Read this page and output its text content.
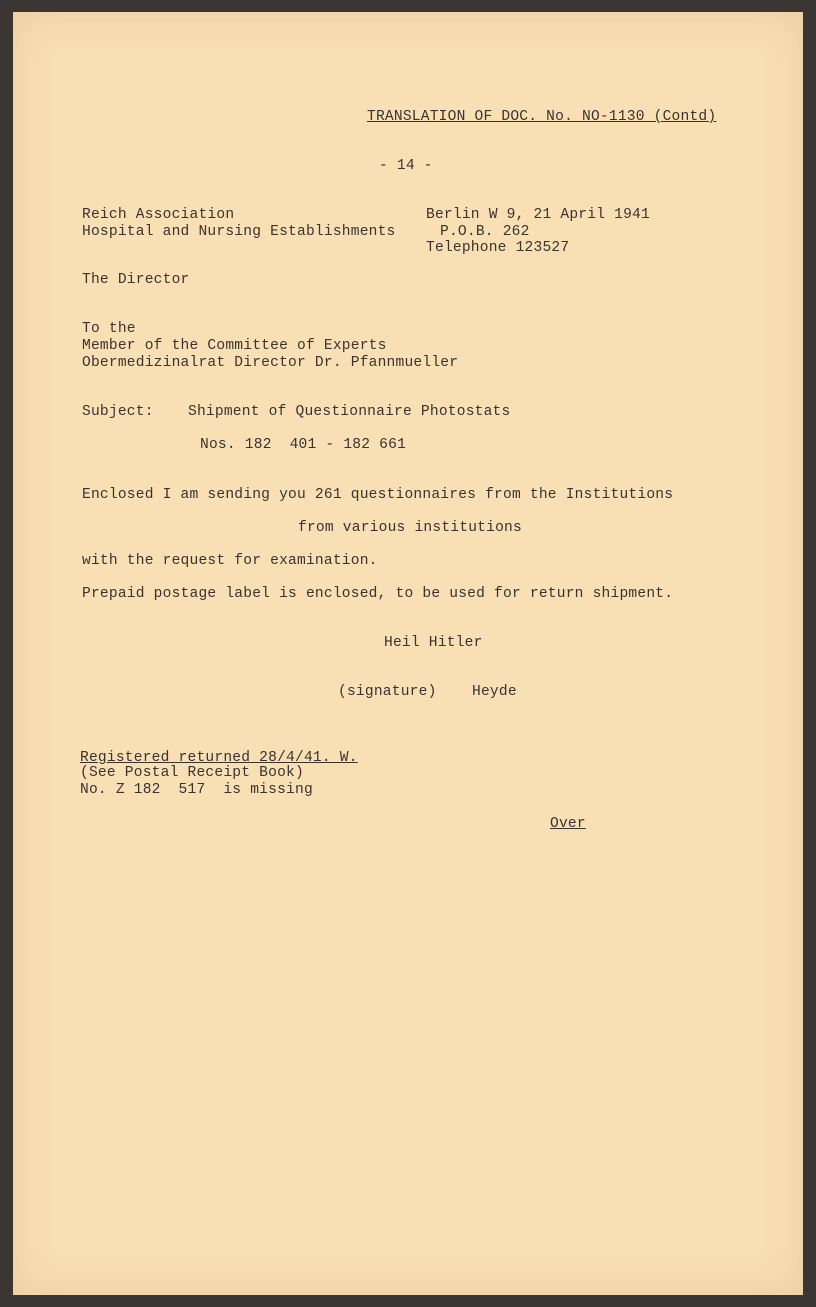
TRANSLATION OF DOC. No. NO-1130 (Contd)
- 14 -
Reich Association
Hospital and Nursing Establishments
Berlin W 9, 21 April 1941
P.O.B. 262
Telephone 123527
The Director
To the
Member of the Committee of Experts
Obermedizinalrat Director Dr. Pfannmueller
Subject: Shipment of Questionnaire Photostats
Nos. 182  401 - 182 661
Enclosed I am sending you 261 questionnaires from the Institutions
from various institutions
with the request for examination.
Prepaid postage label is enclosed, to be used for return shipment.
Heil Hitler
(signature) Heyde
Registered returned 28/4/41. W.
(See Postal Receipt Book)
No. Z 182  517  is missing
Over
